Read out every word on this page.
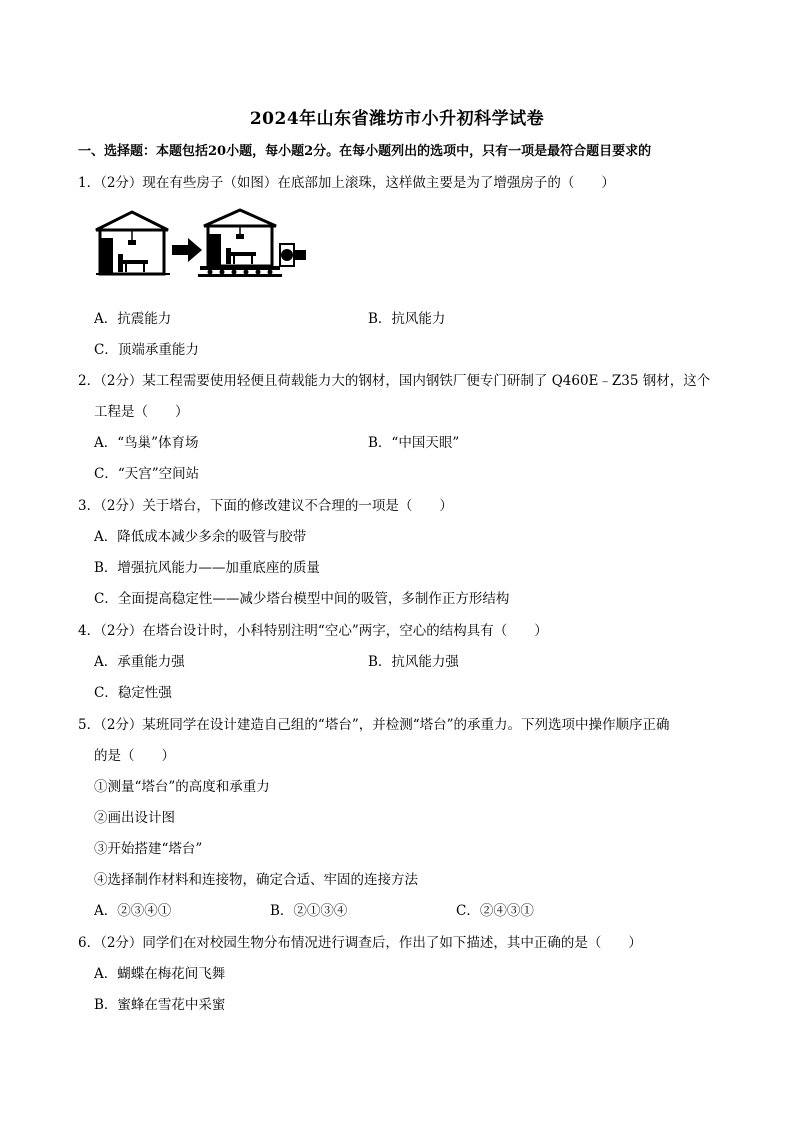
2024年山东省潍坊市小升初科学试卷
一、选择题：本题包括20小题，每小题2分。在每小题列出的选项中，只有一项是最符合题目要求的
1．（2分）现在有些房子（如图）在底部加上滚珠，这样做主要是为了增强房子的（　　）
A．抗震能力	B．抗风能力
C．顶端承重能力
2．（2分）某工程需要使用轻便且荷载能力大的钢材，国内钢铁厂便专门研制了 Q460E﹣Z35 钢材，这个
工程是（　　）
A．“鸟巢”体育场	B．“中国天眼”
C．“天宫”空间站
3．（2分）关于塔台，下面的修改建议不合理的一项是（　　）
A．降低成本减少多余的吸管与胶带
B．增强抗风能力——加重底座的质量
C．全面提高稳定性——减少塔台模型中间的吸管，多制作正方形结构
4．（2分）在塔台设计时，小科特别注明“空心”两字，空心的结构具有（　　）
A．承重能力强	B．抗风能力强
C．稳定性强
5．（2分）某班同学在设计建造自己组的“塔台”，并检测“塔台”的承重力。下列选项中操作顺序正确
的是（　　）
①测量“塔台”的高度和承重力
②画出设计图
③开始搭建“塔台”
④选择制作材料和连接物，确定合适、牢固的连接方法
A．②③④①	B．②①③④	C．②④③①
6．（2分）同学们在对校园生物分布情况进行调查后，作出了如下描述，其中正确的是（　　）
A．蝴蝶在梅花间飞舞
B．蜜蜂在雪花中采蜜
